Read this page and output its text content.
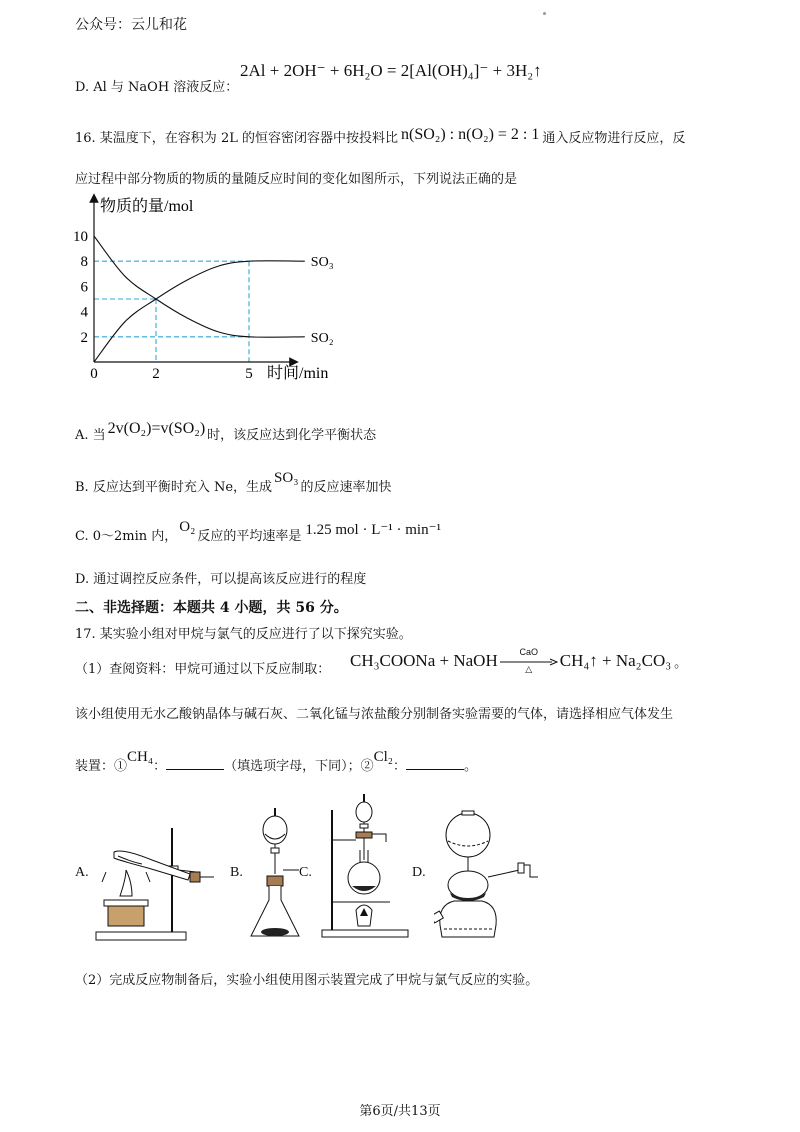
公众号：云儿和花
D. Al 与 NaOH 溶液反应：
2Al + 2OH⁻ + 6H₂O = 2[Al(OH)₄]⁻ + 3H₂↑
16. 某温度下，在容积为 2L 的恒容密闭容器中按投料比 n(SO₂) : n(O₂) = 2 : 1 通入反应物进行反应，反
应过程中部分物质的物质的量随反应时间的变化如图所示，下列说法正确的是
物质的量/mol
时间/min
10
8
6
4
2
0	2	5
SO₃
SO₂
A. 当 2v(O₂)=v(SO₂) 时，该反应达到化学平衡状态
B. 反应达到平衡时充入 Ne，生成SO₃的反应速率加快
C. 0～2min 内，O₂反应的平均速率是 1.25 mol · L⁻¹ · min⁻¹
D. 通过调控反应条件，可以提高该反应进行的程度
二、非选择题：本题共 4 小题，共 56 分。
17. 某实验小组对甲烷与氯气的反应进行了以下探究实验。
（1）查阅资料：甲烷可通过以下反应制取： CH₃COONa + NaOH	CaO
△	CH₄↑ + Na₂CO₃ 。
该小组使用无水乙酸钠晶体与碱石灰、二氧化锰与浓盐酸分别制备实验需要的气体，请选择相应气体发生
装置：①CH₄：	（填选项字母，下同）；②Cl₂：	。
A.	B.	C.	D.
（2）完成反应物制备后，实验小组使用图示装置完成了甲烷与氯气反应的实验。
第6页/共13页
